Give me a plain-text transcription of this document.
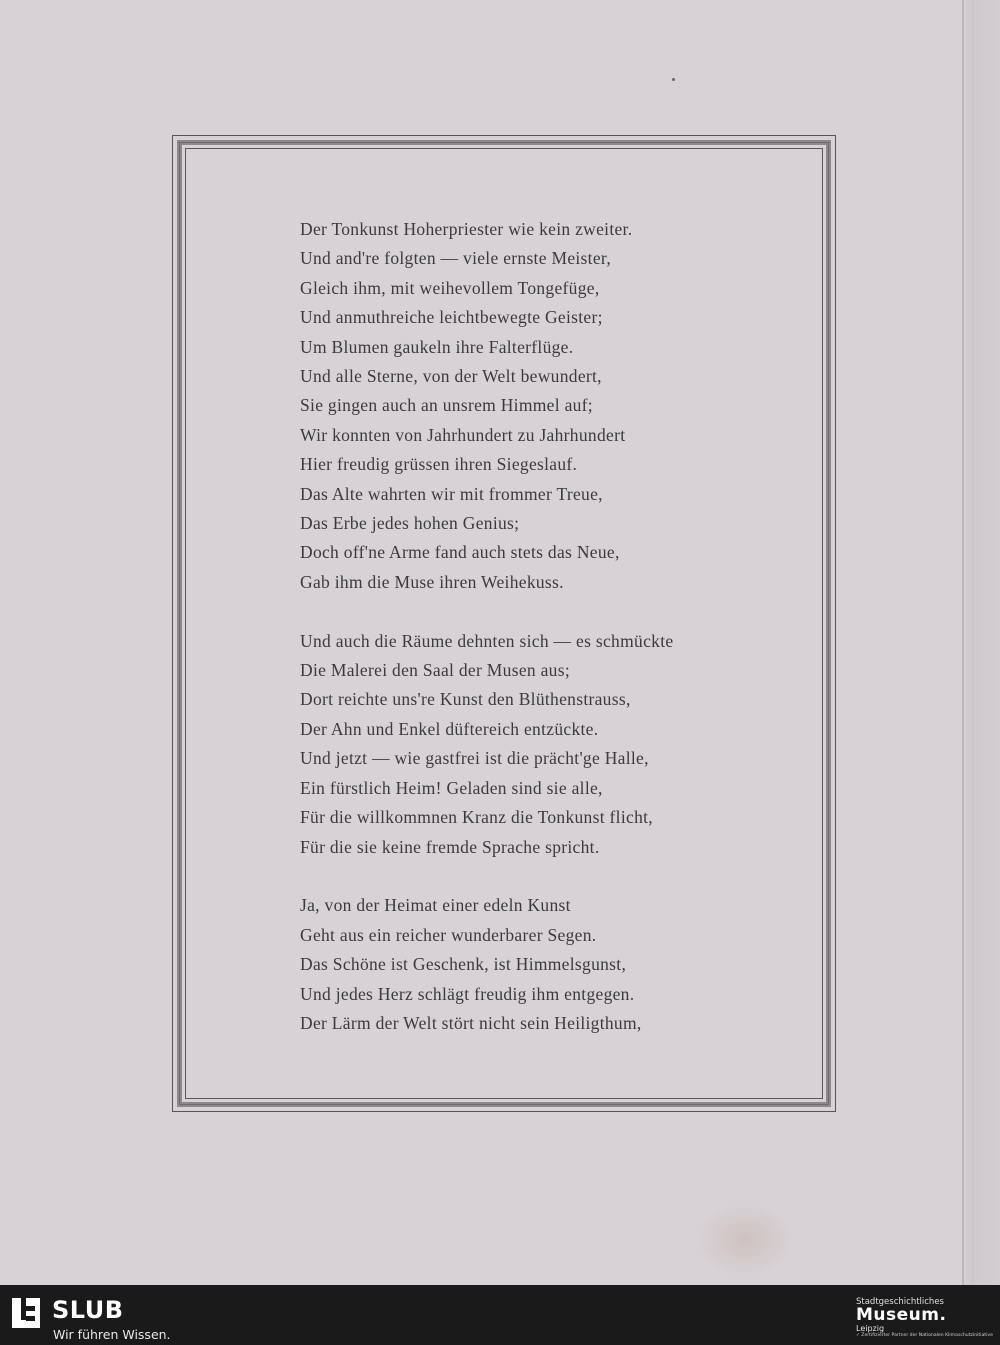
Der Tonkunst Hoherpriester wie kein zweiter.
Und and're folgten — viele ernste Meister,
Gleich ihm, mit weihevollem Tongefüge,
Und anmuthreiche leichtbewegte Geister;
Um Blumen gaukeln ihre Falterflüge.
Und alle Sterne, von der Welt bewundert,
Sie gingen auch an unsrem Himmel auf;
Wir konnten von Jahrhundert zu Jahrhundert
Hier freudig grüssen ihren Siegeslauf.
Das Alte wahrten wir mit frommer Treue,
Das Erbe jedes hohen Genius;
Doch off'ne Arme fand auch stets das Neue,
Gab ihm die Muse ihren Weihekuss.
Und auch die Räume dehnten sich — es schmückte
Die Malerei den Saal der Musen aus;
Dort reichte uns're Kunst den Blüthenstrauss,
Der Ahn und Enkel düftereich entzückte.
Und jetzt — wie gastfrei ist die prächt'ge Halle,
Ein fürstlich Heim! Geladen sind sie alle,
Für die willkommnen Kranz die Tonkunst flicht,
Für die sie keine fremde Sprache spricht.
Ja, von der Heimat einer edeln Kunst
Geht aus ein reicher wunderbarer Segen.
Das Schöne ist Geschenk, ist Himmelsgunst,
Und jedes Herz schlägt freudig ihm entgegen.
Der Lärm der Welt stört nicht sein Heiligthum,
SLUB
Wir führen Wissen.
Stadtgeschichtliches
Museum.
Leipzig
✓ Zertifizierter Partner der Nationalen Klimaschutzinitiative
